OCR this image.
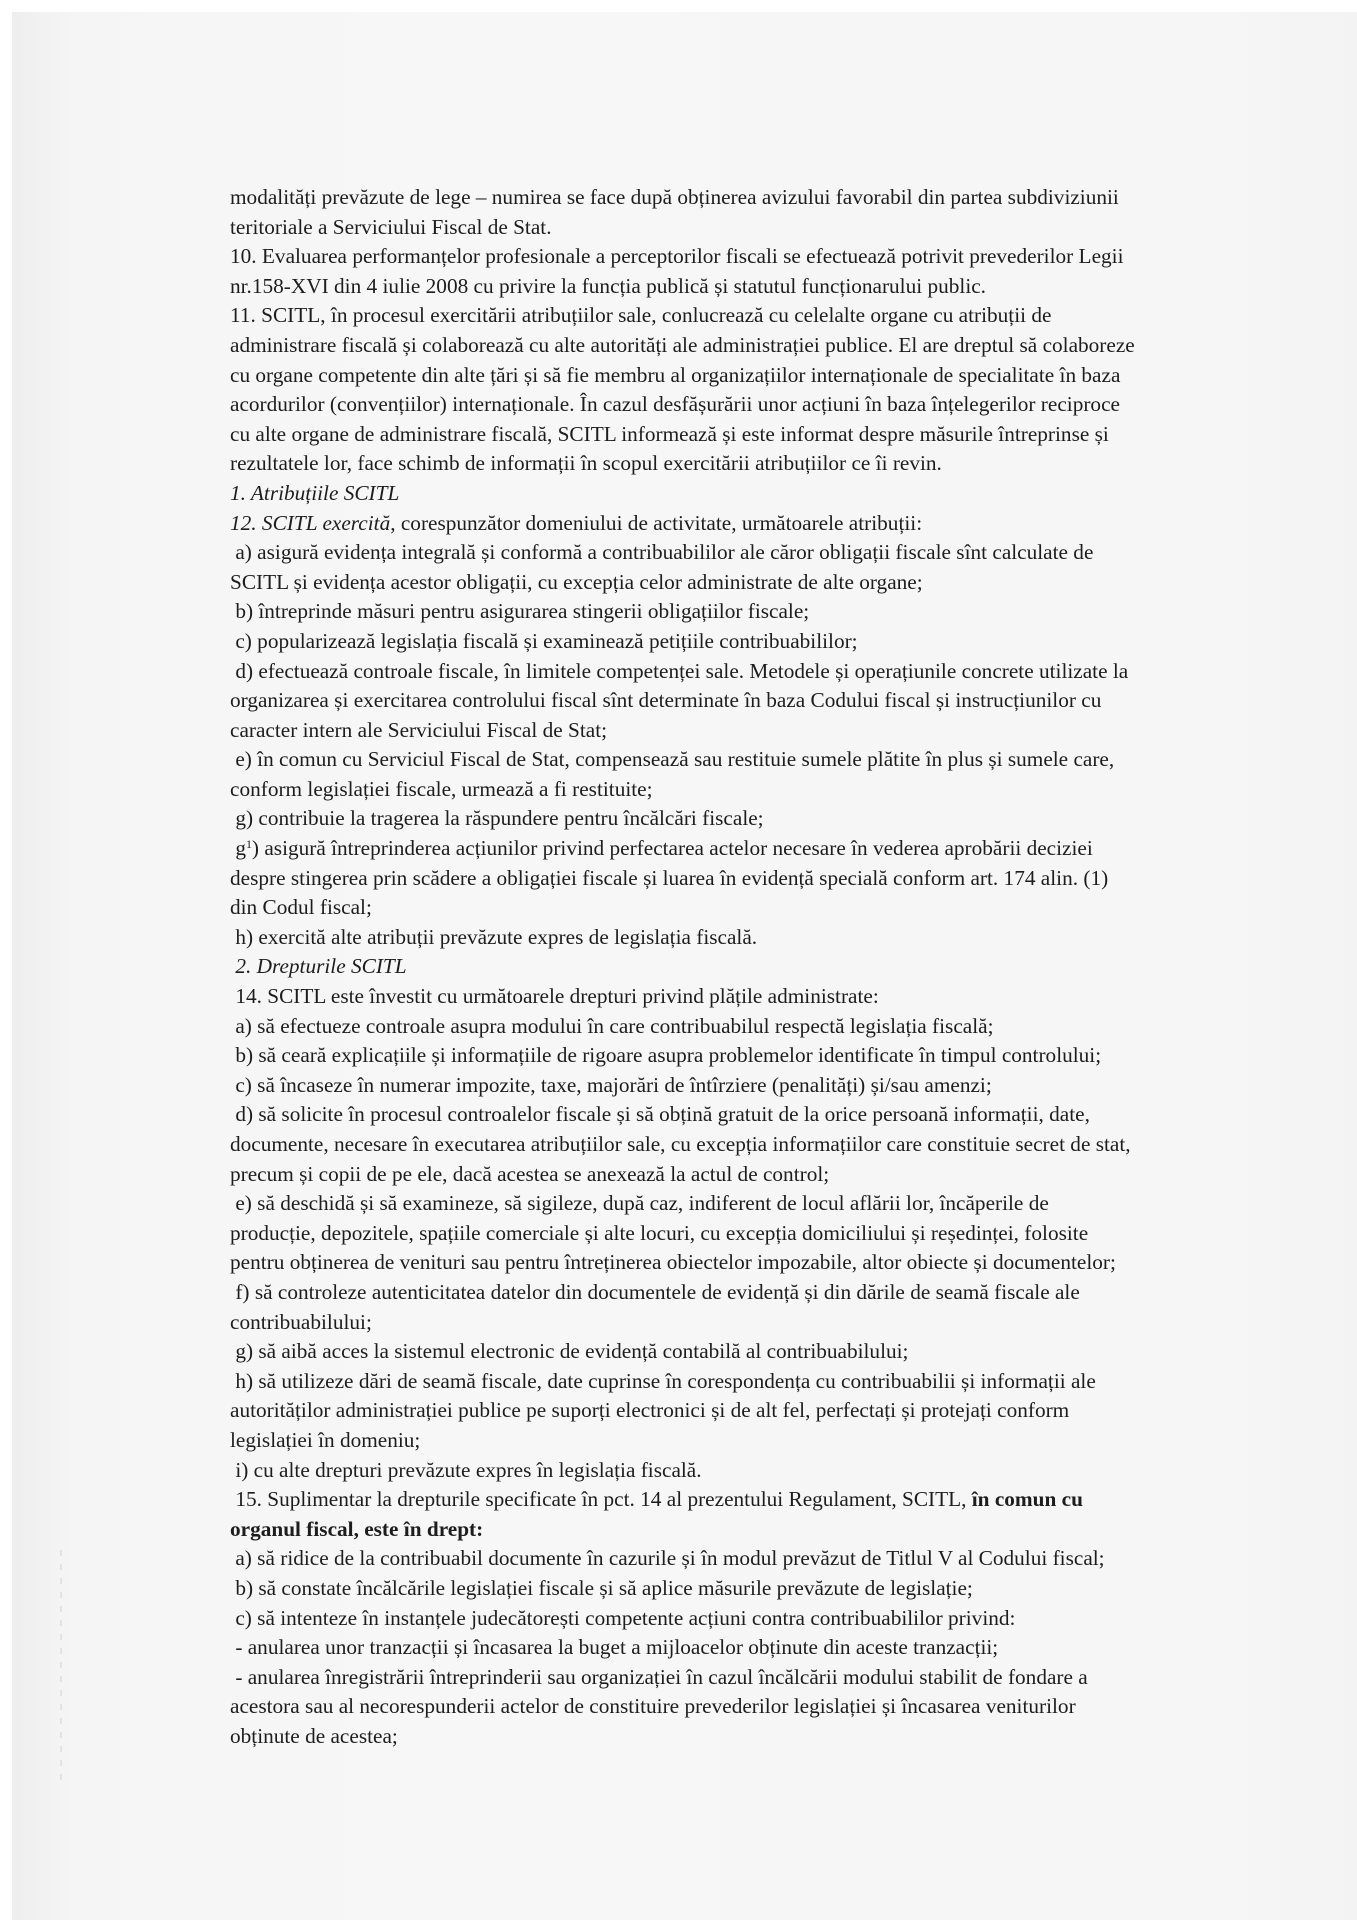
modalități prevăzute de lege – numirea se face după obținerea avizului favorabil din partea subdiviziunii
teritoriale a Serviciului Fiscal de Stat.
10. Evaluarea performanțelor profesionale a perceptorilor fiscali se efectuează potrivit prevederilor Legii
nr.158-XVI din 4 iulie 2008 cu privire la funcția publică și statutul funcționarului public.
11. SCITL, în procesul exercitării atribuțiilor sale, conlucrează cu celelalte organe cu atribuții de
administrare fiscală și colaborează cu alte autorități ale administrației publice. El are dreptul să colaboreze
cu organe competente din alte țări și să fie membru al organizațiilor internaționale de specialitate în baza
acordurilor (convențiilor) internaționale. În cazul desfășurării unor acțiuni în baza înțelegerilor reciproce
cu alte organe de administrare fiscală, SCITL informează și este informat despre măsurile întreprinse și
rezultatele lor, face schimb de informații în scopul exercitării atribuțiilor ce îi revin.
1. Atribuțiile SCITL
12. SCITL exercită, corespunzător domeniului de activitate, următoarele atribuții:
a) asigură evidența integrală și conformă a contribuabililor ale căror obligații fiscale sînt calculate de
SCITL și evidența acestor obligații, cu excepția celor administrate de alte organe;
b) întreprinde măsuri pentru asigurarea stingerii obligațiilor fiscale;
c) popularizează legislația fiscală și examinează petițiile contribuabililor;
d) efectuează controale fiscale, în limitele competenței sale. Metodele și operațiunile concrete utilizate la
organizarea și exercitarea controlului fiscal sînt determinate în baza Codului fiscal și instrucțiunilor cu
caracter intern ale Serviciului Fiscal de Stat;
e) în comun cu Serviciul Fiscal de Stat, compensează sau restituie sumele plătite în plus și sumele care,
conform legislației fiscale, urmează a fi restituite;
g) contribuie la tragerea la răspundere pentru încălcări fiscale;
$g^1$) asigură întreprinderea acțiunilor privind perfectarea actelor necesare în vederea aprobării deciziei
despre stingerea prin scădere a obligației fiscale și luarea în evidență specială conform art. 174 alin. (1)
din Codul fiscal;
h) exercită alte atribuții prevăzute expres de legislația fiscală.
2. Drepturile SCITL
14. SCITL este învestit cu următoarele drepturi privind plățile administrate:
a) să efectueze controale asupra modului în care contribuabilul respectă legislația fiscală;
b) să ceară explicațiile și informațiile de rigoare asupra problemelor identificate în timpul controlului;
c) să încaseze în numerar impozite, taxe, majorări de întîrziere (penalități) și/sau amenzi;
d) să solicite în procesul controalelor fiscale și să obțină gratuit de la orice persoană informații, date,
documente, necesare în executarea atribuțiilor sale, cu excepția informațiilor care constituie secret de stat,
precum și copii de pe ele, dacă acestea se anexează la actul de control;
e) să deschidă și să examineze, să sigileze, după caz, indiferent de locul aflării lor, încăperile de
producție, depozitele, spațiile comerciale și alte locuri, cu excepția domiciliului și reședinței, folosite
pentru obținerea de venituri sau pentru întreținerea obiectelor impozabile, altor obiecte și documentelor;
f) să controleze autenticitatea datelor din documentele de evidență și din dările de seamă fiscale ale
contribuabilului;
g) să aibă acces la sistemul electronic de evidență contabilă al contribuabilului;
h) să utilizeze dări de seamă fiscale, date cuprinse în corespondența cu contribuabilii și informații ale
autorităților administrației publice pe suporți electronici și de alt fel, perfectați și protejați conform
legislației în domeniu;
i) cu alte drepturi prevăzute expres în legislația fiscală.
15. Suplimentar la drepturile specificate în pct. 14 al prezentului Regulament, SCITL, în comun cu
organul fiscal, este în drept:
a) să ridice de la contribuabil documente în cazurile și în modul prevăzut de Titlul V al Codului fiscal;
b) să constate încălcările legislației fiscale și să aplice măsurile prevăzute de legislație;
c) să intenteze în instanțele judecătorești competente acțiuni contra contribuabililor privind:
- anularea unor tranzacții și încasarea la buget a mijloacelor obținute din aceste tranzacții;
- anularea înregistrării întreprinderii sau organizației în cazul încălcării modului stabilit de fondare a
acestora sau al necorespunderii actelor de constituire prevederilor legislației și încasarea veniturilor
obținute de acestea;
